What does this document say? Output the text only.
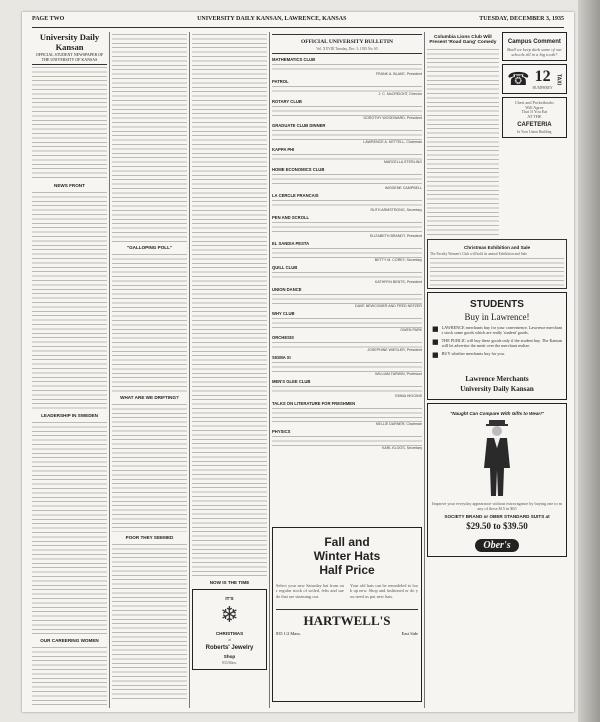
PAGE TWO	UNIVERSITY DAILY KANSAN, LAWRENCE, KANSAS	TUESDAY, DECEMBER 3, 1935
University Daily Kansan
OFFICIAL STUDENT NEWSPAPER OF THE UNIVERSITY OF KANSAS
NEWS FRONT
LEADERSHIP IN SWEDEN
OUR CAREERING WOMEN
"GALLOPING POLL"
WHAT ARE WE DRIFTING?
POOR THEY SEEMED
NOW IS THE TIME
IT'S
❄
CHRISTMAS
at
Roberts' Jewelry
Shop
833 Mass.
OFFICIAL UNIVERSITY BULLETIN
Vol. XXVIII Tuesday, Dec. 3, 1935 No. 65
MATHEMATICS CLUB
FRANK A. BLAKE, President
PATROL
J. C. McCREIGHT, Director
ROTARY CLUB
DOROTHY WOODWARD, President
GRADUATE CLUB DINNER
LAWRENCE A. KETTELL, Chairman
KAPPA PHI
MARCELLA STERLING
HOME ECONOMICS CLUB
IMOGENE CAMPBELL
LA CERCLE FRANCAIS
RUTH ARMSTRONG, Secretary
PEN AND SCROLL
ELIZABETH BRANDT, President
EL SANDIA PESTA
BETTY M. COREY, Secretary
QUILL CLUB
KATHRYN BENTS, President
UNION DANCE
DAVE NEWCOMER AND FRED NEFZER
WHY CLUB
OWEN PARK
ORCHESIS
JOSEPHINE WIESLER, President
SIGMA XI
WILLIAM TARWIN, Professor
MEN'S GLEE CLUB
EMMA HIGGINS
TALKS ON LITERATURE FOR FRESHMEN
NELLIE DARNER, Chairman
PHYSICS
KARL KLOOS, Secretary
Fall and
Winter Hats
Half Price
Select your new Saturday hat from our regular stock of soiled, felts and suede that are steaming out.
Your old hats can be remodeled to look up new. Shop and fashioned or do you need us put new hats.
HARTWELL'S
835 1/2 Mass.	East Side
Columbia Lions Club Will Present 'Road Gang' Comedy	Campus Comment
Shall we keep dark some of our schools till in a big tooth?
☎ 12
HUMPHREY
TAXI
Chesi and Pocketbooks
Will Agree
That If You Eat
AT THE
CAFETERIA
In Your Union Building
Christmas Exhibition and Sale
The Faculty Women's Club will hold its annual Exhibition and Sale
STUDENTS
Buy in Lawrence!
■ LAWRENCE merchants buy for your convenience. Lawrence merchants stock some goods which are really 'student' goods.
■ THE PUBLIC will buy these goods only if the student buy. The Kansan will let advertise the merit over the merchant realize.
■ BUY whether merchants buy for you.
Lawrence Merchants
University Daily Kansan
"Naught Can Compare With Gifts to Wear!"
Improve your everyday appearance without extravagance by buying one to many of these $15 in $65
SOCIETY BRAND or OBER STANDARD SUITS at
$29.50 to $39.50
Ober's
